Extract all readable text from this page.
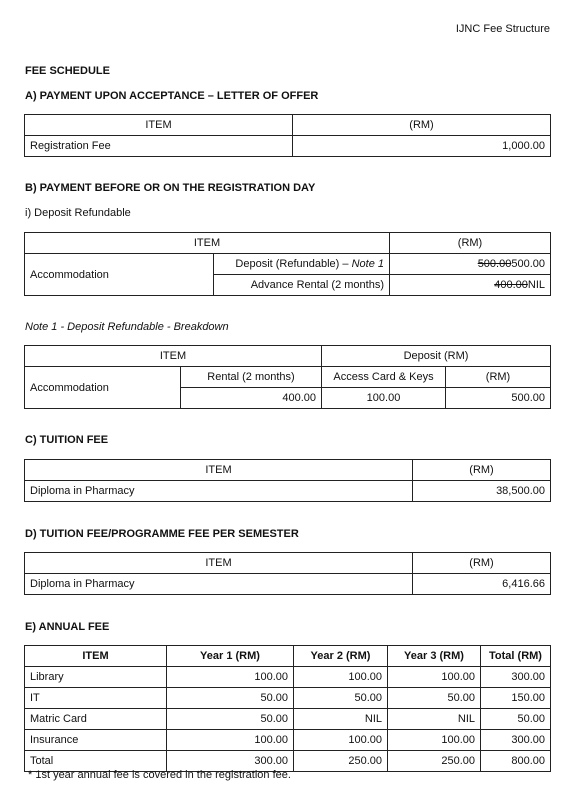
IJNC Fee Structure
FEE SCHEDULE
A) PAYMENT UPON ACCEPTANCE – LETTER OF OFFER
ITEM	(RM)
Registration Fee	1,000.00
B) PAYMENT BEFORE OR ON THE REGISTRATION DAY
i) Deposit Refundable
ITEM		(RM)
Accommodation	Deposit (Refundable) – Note 1	500.00500.00
	Advance Rental (2 months)	400.00NIL
Note 1 - Deposit Refundable - Breakdown
ITEM		Deposit (RM)	
Accommodation	Rental (2 months)	Access Card & Keys	(RM)
	400.00	100.00	500.00
C) TUITION FEE
ITEM	(RM)
Diploma in Pharmacy	38,500.00
D) TUITION FEE/PROGRAMME FEE PER SEMESTER
ITEM	(RM)
Diploma in Pharmacy	6,416.66
E) ANNUAL FEE
ITEM	Year 1 (RM)	Year 2 (RM)	Year 3 (RM)	Total (RM)
Library	100.00	100.00	100.00	300.00
IT	50.00	50.00	50.00	150.00
Matric Card	50.00	NIL	NIL	50.00
Insurance	100.00	100.00	100.00	300.00
Total	300.00	250.00	250.00	800.00
* 1st year annual fee is covered in the registration fee.
